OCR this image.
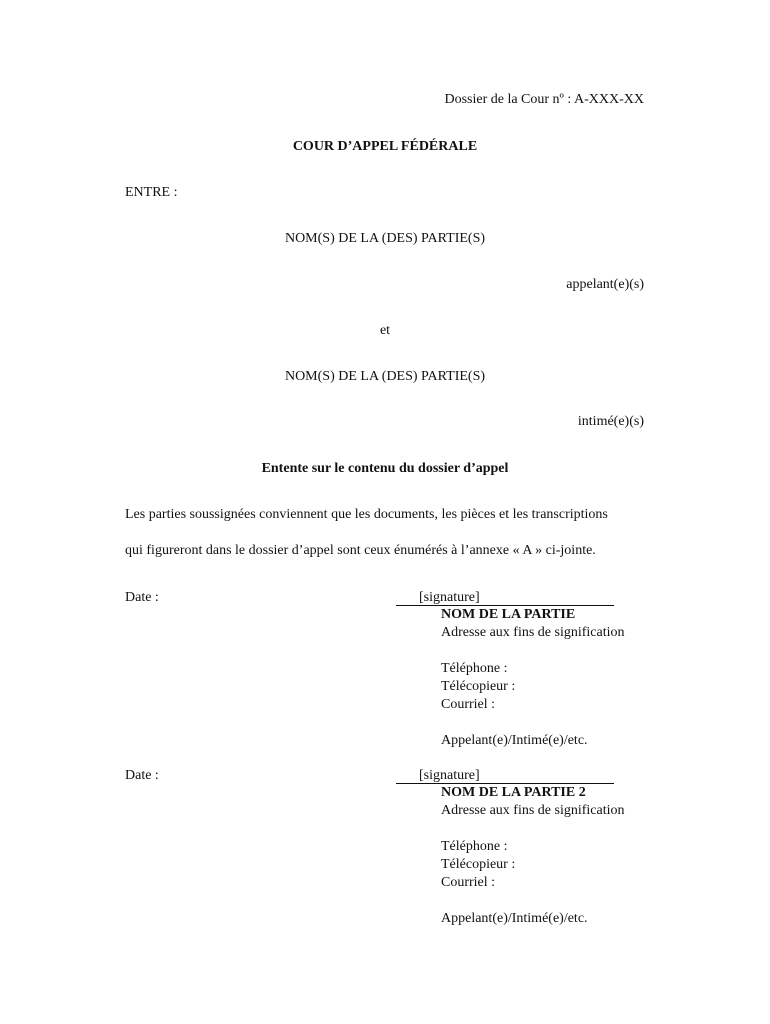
Dossier de la Cour nº : A-XXX-XX
COUR D’APPEL FÉDÉRALE
ENTRE :
NOM(S) DE LA (DES) PARTIE(S)
appelant(e)(s)
et
NOM(S) DE LA (DES) PARTIE(S)
intimé(e)(s)
Entente sur le contenu du dossier d’appel
Les parties soussignées conviennent que les documents, les pièces et les transcriptions
qui figureront dans le dossier d’appel sont ceux énumérés à l’annexe « A » ci-jointe.
Date :	[signature]
NOM DE LA PARTIE
Adresse aux fins de signification
Téléphone :
Télécopieur :
Courriel :
Appelant(e)/Intimé(e)/etc.
Date :	[signature]
NOM DE LA PARTIE 2
Adresse aux fins de signification
Téléphone :
Télécopieur :
Courriel :
Appelant(e)/Intimé(e)/etc.
